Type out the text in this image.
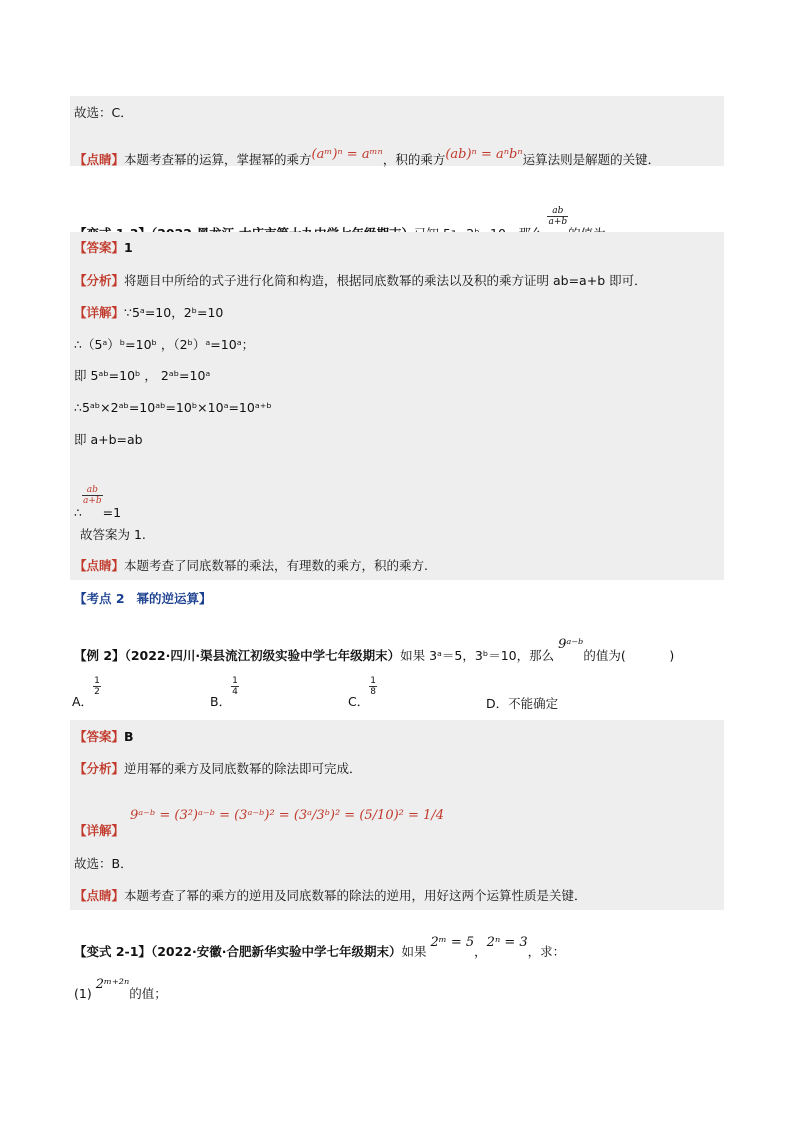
故选：C．
【点睛】本题考查幂的运算，掌握幂的乘方(aᵐ)ⁿ = aᵐⁿ，积的乘方(ab)ⁿ = aⁿbⁿ运算法则是解题的关键．
$\frac{ab}{a+b}$
【答案】1
【分析】将题目中所给的式子进行化简和构造，根据同底数幂的乘法以及积的乘方证明 ab=a+b 即可．
【详解】∵5ᵃ=10，2ᵇ=10
∴（5ᵃ）ᵇ=10ᵇ ，（2ᵇ）ᵃ=10ᵃ；
即 5ᵃᵇ=10ᵇ ， 2ᵃᵇ=10ᵃ
∴5ᵃᵇ×2ᵃᵇ=10ᵃᵇ=10ᵇ×10ᵃ=10ᵃ⁺ᵇ
即 a+b=ab
∴
$\frac{ab}{a+b}$
=1
故答案为 1.
【点睛】本题考查了同底数幂的乘法，有理数的乘方，积的乘方.
【考点 2 幂的逆运算】
【例 2】（2022·四川·渠县流江初级实验中学七年级期末）如果 3ᵃ＝5，3ᵇ＝10，那么 9ᵃ⁻ᵇ的值为(	)
A．
$\frac{1}{2}$
B．
$\frac{1}{4}$
C．
$\frac{1}{8}$
D．不能确定
【答案】B
【分析】逆用幂的乘方及同底数幂的除法即可完成．
9ᵃ⁻ᵇ = (3²)ᵃ⁻ᵇ = (3ᵃ⁻ᵇ)² = (3ᵃ/3ᵇ)² = (5/10)² = 1/4
【详解】
故选：B．
【点睛】本题考查了幂的乘方的逆用及同底数幂的除法的逆用，用好这两个运算性质是关键．
【变式 2-1】（2022·安徽·合肥新华实验中学七年级期末）如果 2ᵐ = 5，2ⁿ = 3，求：
(1) 2ᵐ⁺²ⁿ的值；
